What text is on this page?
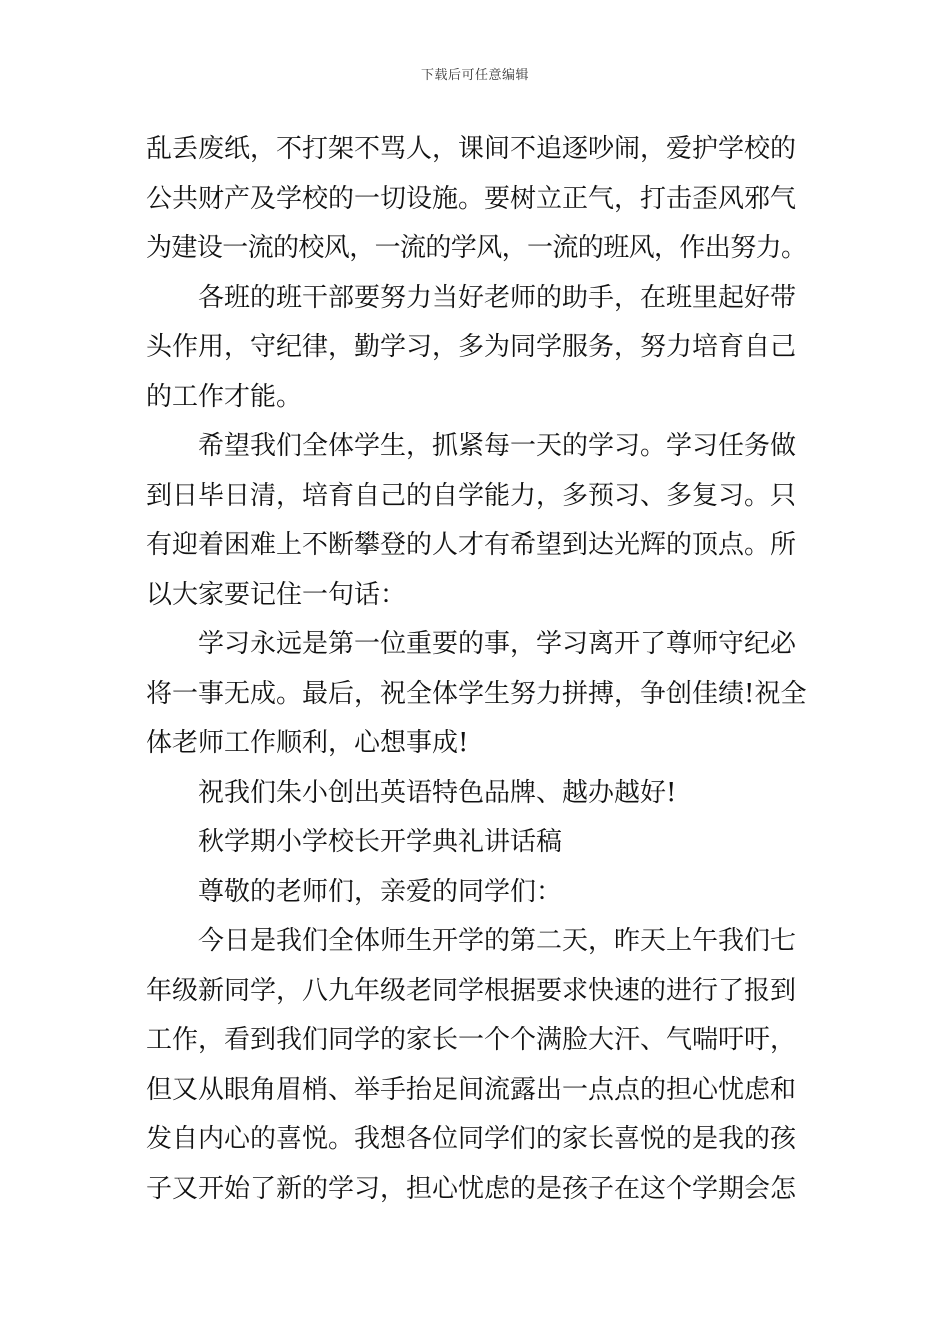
下载后可任意编辑
乱丢废纸，不打架不骂人，课间不追逐吵闹，爱护学校的
公共财产及学校的一切设施。要树立正气，打击歪风邪气
为建设一流的校风，一流的学风，一流的班风，作出努力。
各班的班干部要努力当好老师的助手，在班里起好带
头作用，守纪律，勤学习，多为同学服务，努力培育自己
的工作才能。
希望我们全体学生，抓紧每一天的学习。学习任务做
到日毕日清，培育自己的自学能力，多预习、多复习。只
有迎着困难上不断攀登的人才有希望到达光辉的顶点。所
以大家要记住一句话：
学习永远是第一位重要的事，学习离开了尊师守纪必
将一事无成。最后，祝全体学生努力拼搏，争创佳绩!祝全
体老师工作顺利，心想事成!
祝我们朱小创出英语特色品牌、越办越好!
秋学期小学校长开学典礼讲话稿
尊敬的老师们，亲爱的同学们：
今日是我们全体师生开学的第二天，昨天上午我们七
年级新同学，八九年级老同学根据要求快速的进行了报到
工作，看到我们同学的家长一个个满脸大汗、气喘吁吁，
但又从眼角眉梢、举手抬足间流露出一点点的担心忧虑和
发自内心的喜悦。我想各位同学们的家长喜悦的是我的孩
子又开始了新的学习，担心忧虑的是孩子在这个学期会怎
